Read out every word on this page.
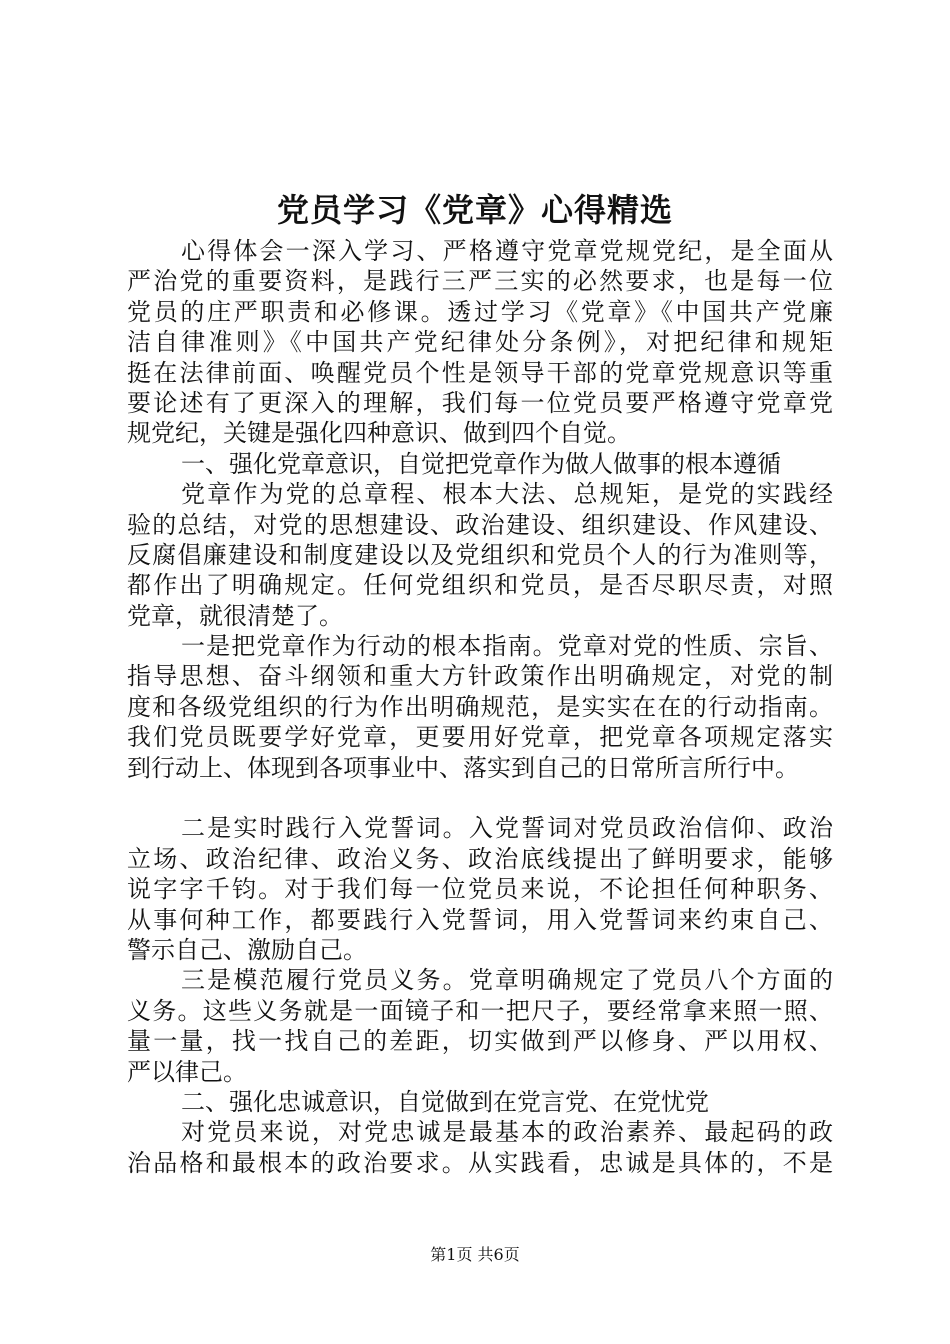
党员学习《党章》心得精选
心得体会一深入学习、严格遵守党章党规党纪，是全面从
严治党的重要资料，是践行三严三实的必然要求，也是每一位
党员的庄严职责和必修课。透过学习《党章》《中国共产党廉
洁自律准则》《中国共产党纪律处分条例》，对把纪律和规矩
挺在法律前面、唤醒党员个性是领导干部的党章党规意识等重
要论述有了更深入的理解，我们每一位党员要严格遵守党章党
规党纪，关键是强化四种意识、做到四个自觉。
一、强化党章意识，自觉把党章作为做人做事的根本遵循
党章作为党的总章程、根本大法、总规矩，是党的实践经
验的总结，对党的思想建设、政治建设、组织建设、作风建设、
反腐倡廉建设和制度建设以及党组织和党员个人的行为准则等，
都作出了明确规定。任何党组织和党员，是否尽职尽责，对照
党章，就很清楚了。
一是把党章作为行动的根本指南。党章对党的性质、宗旨、
指导思想、奋斗纲领和重大方针政策作出明确规定，对党的制
度和各级党组织的行为作出明确规范，是实实在在的行动指南。
我们党员既要学好党章，更要用好党章，把党章各项规定落实
到行动上、体现到各项事业中、落实到自己的日常所言所行中。
二是实时践行入党誓词。入党誓词对党员政治信仰、政治
立场、政治纪律、政治义务、政治底线提出了鲜明要求，能够
说字字千钧。对于我们每一位党员来说，不论担任何种职务、
从事何种工作，都要践行入党誓词，用入党誓词来约束自己、
警示自己、激励自己。
三是模范履行党员义务。党章明确规定了党员八个方面的
义务。这些义务就是一面镜子和一把尺子，要经常拿来照一照、
量一量，找一找自己的差距，切实做到严以修身、严以用权、
严以律己。
二、强化忠诚意识，自觉做到在党言党、在党忧党
对党员来说，对党忠诚是最基本的政治素养、最起码的政
治品格和最根本的政治要求。从实践看，忠诚是具体的，不是
第1页 共6页
